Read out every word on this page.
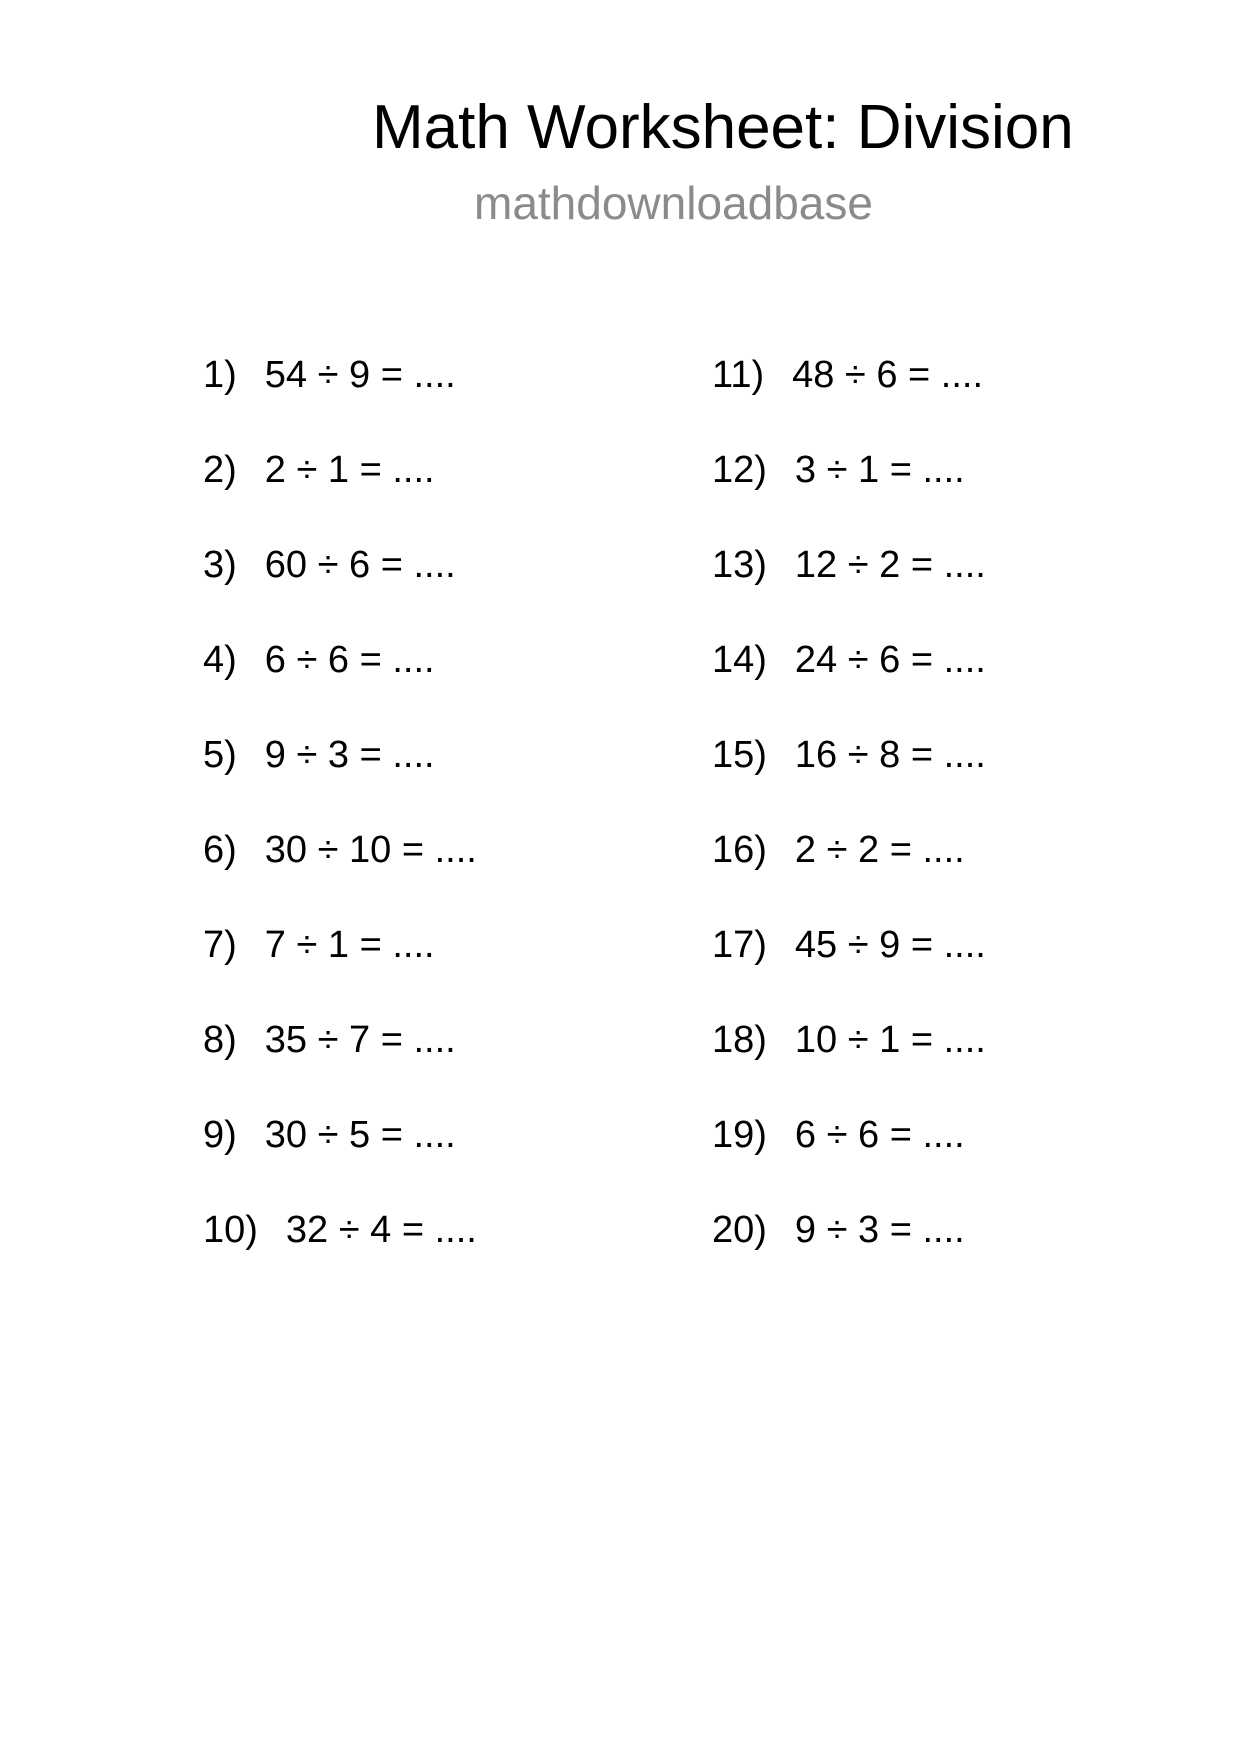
Math Worksheet: Division
mathdownloadbase
1) 54 ÷ 9 = ....
2) 2 ÷ 1 = ....
3) 60 ÷ 6 = ....
4) 6 ÷ 6 = ....
5) 9 ÷ 3 = ....
6) 30 ÷ 10 = ....
7) 7 ÷ 1 = ....
8) 35 ÷ 7 = ....
9) 30 ÷ 5 = ....
10) 32 ÷ 4 = ....
11) 48 ÷ 6 = ....
12) 3 ÷ 1 = ....
13) 12 ÷ 2 = ....
14) 24 ÷ 6 = ....
15) 16 ÷ 8 = ....
16) 2 ÷ 2 = ....
17) 45 ÷ 9 = ....
18) 10 ÷ 1 = ....
19) 6 ÷ 6 = ....
20) 9 ÷ 3 = ....
